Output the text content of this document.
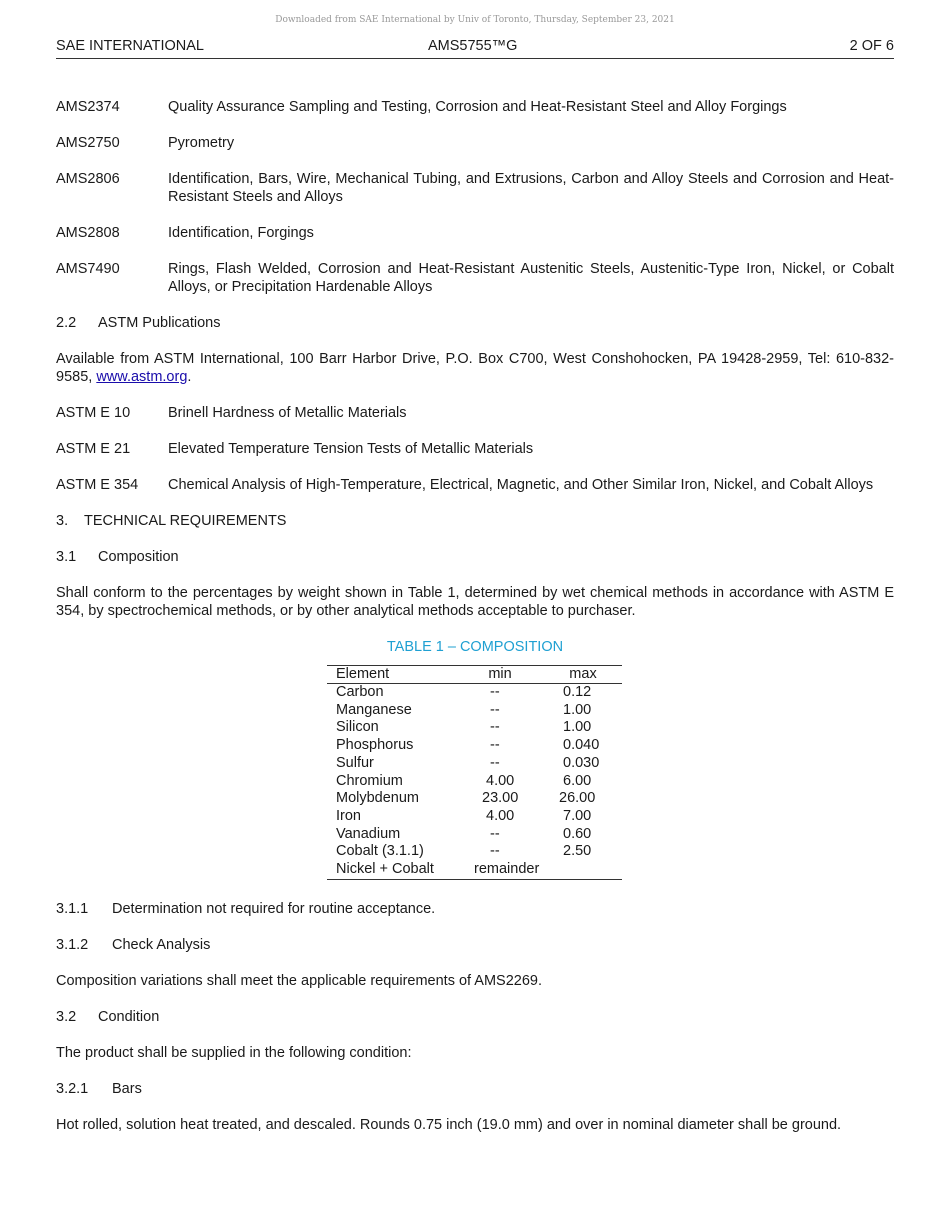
Downloaded from SAE International by Univ of Toronto, Thursday, September 23, 2021
SAE INTERNATIONAL	AMS5755™G	2 OF 6
AMS2374	Quality Assurance Sampling and Testing, Corrosion and Heat-Resistant Steel and Alloy Forgings
AMS2750	Pyrometry
AMS2806	Identification, Bars, Wire, Mechanical Tubing, and Extrusions, Carbon and Alloy Steels and Corrosion and Heat-Resistant Steels and Alloys
AMS2808	Identification, Forgings
AMS7490	Rings, Flash Welded, Corrosion and Heat-Resistant Austenitic Steels, Austenitic-Type Iron, Nickel, or Cobalt Alloys, or Precipitation Hardenable Alloys
2.2 ASTM Publications
Available from ASTM International, 100 Barr Harbor Drive, P.O. Box C700, West Conshohocken, PA 19428-2959, Tel: 610-832-9585, www.astm.org.
ASTM E 10	Brinell Hardness of Metallic Materials
ASTM E 21	Elevated Temperature Tension Tests of Metallic Materials
ASTM E 354	Chemical Analysis of High-Temperature, Electrical, Magnetic, and Other Similar Iron, Nickel, and Cobalt Alloys
3. TECHNICAL REQUIREMENTS
3.1 Composition
Shall conform to the percentages by weight shown in Table 1, determined by wet chemical methods in accordance with ASTM E 354, by spectrochemical methods, or by other analytical methods acceptable to purchaser.
TABLE 1 – COMPOSITION
Element	min	max
Carbon	--	0.12
Manganese	--	1.00
Silicon	--	1.00
Phosphorus	--	0.040
Sulfur	--	0.030
Chromium	4.00	6.00
Molybdenum	23.00	26.00
Iron	4.00	7.00
Vanadium	--	0.60
Cobalt (3.1.1)	--	2.50
Nickel + Cobalt	remainder	
3.1.1 Determination not required for routine acceptance.
3.1.2 Check Analysis
Composition variations shall meet the applicable requirements of AMS2269.
3.2 Condition
The product shall be supplied in the following condition:
3.2.1 Bars
Hot rolled, solution heat treated, and descaled. Rounds 0.75 inch (19.0 mm) and over in nominal diameter shall be ground.
